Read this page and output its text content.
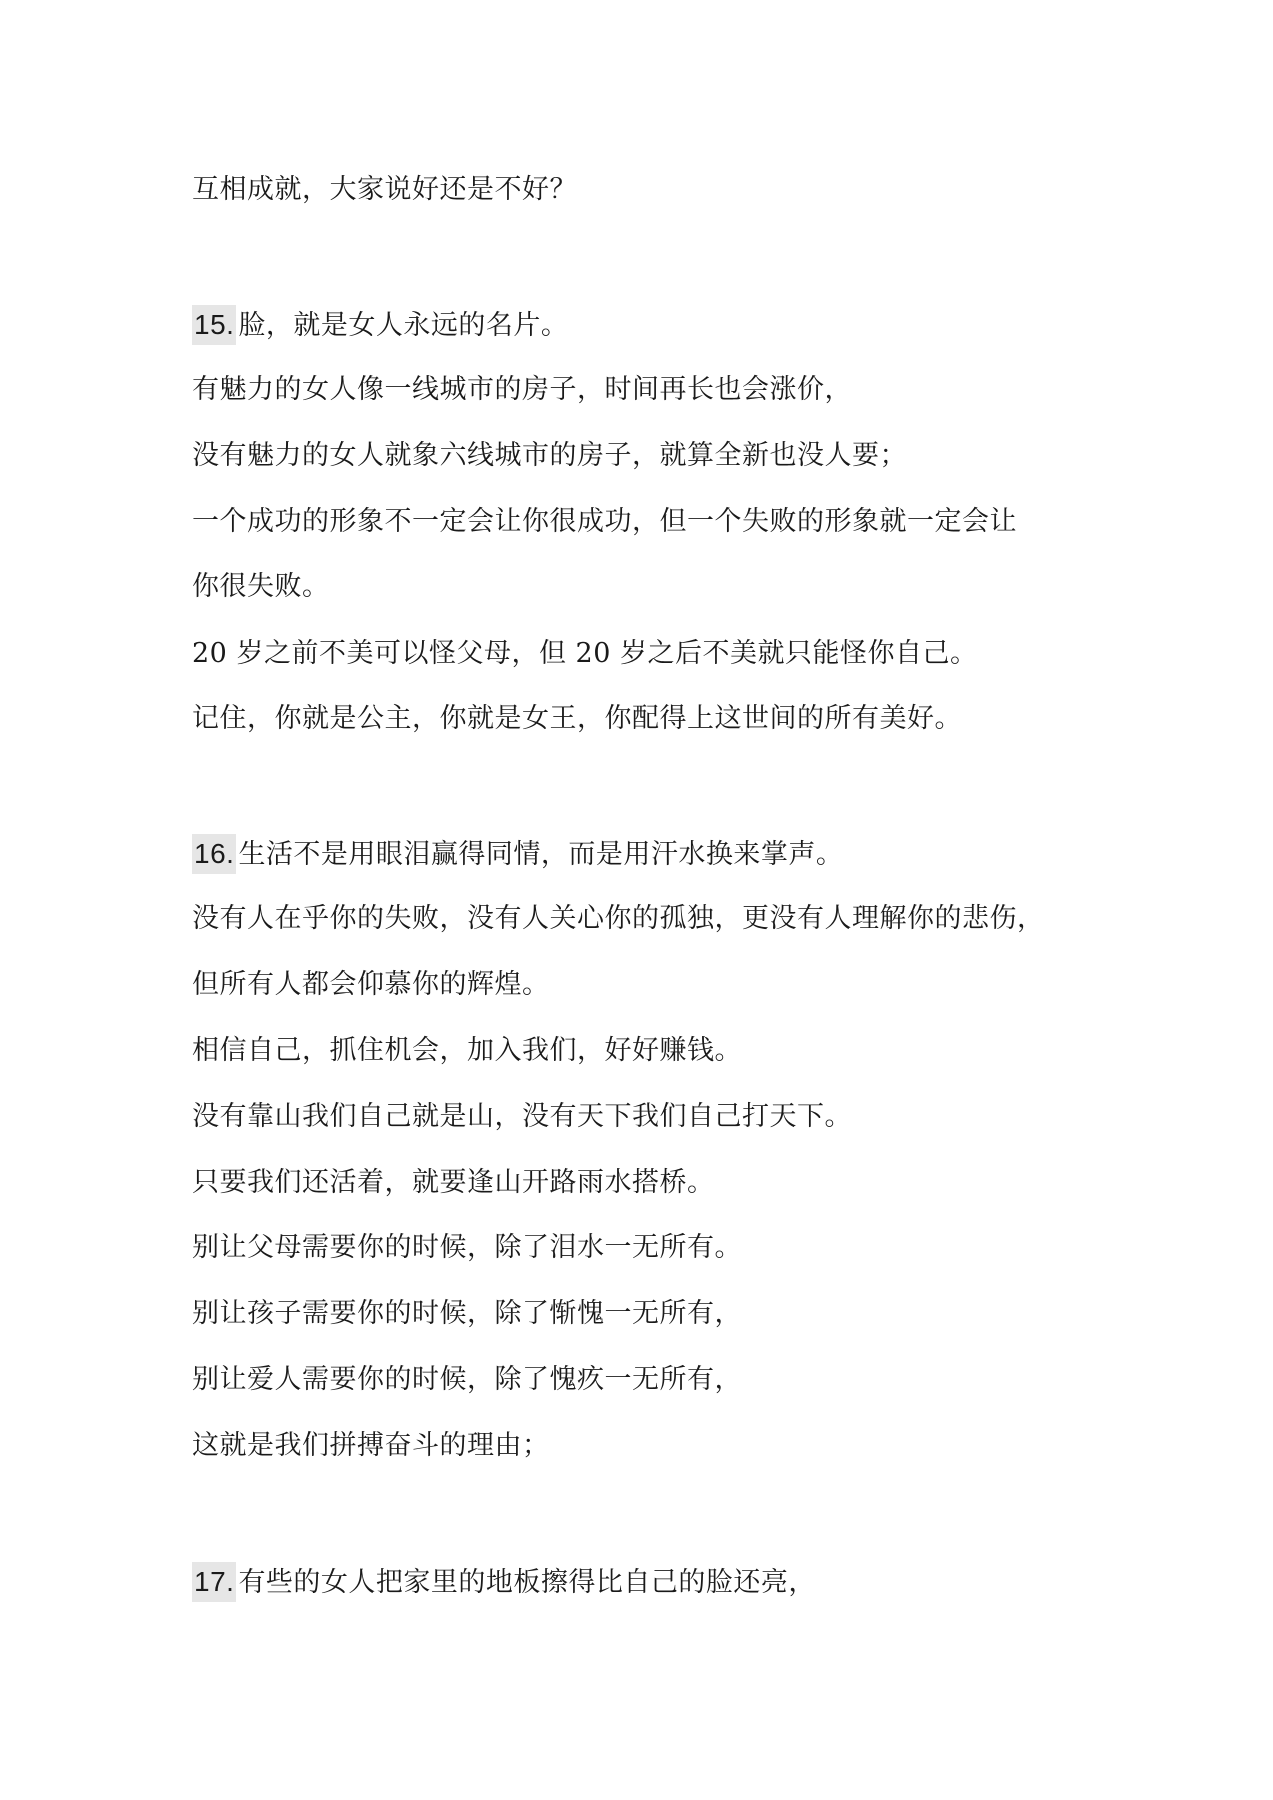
互相成就，大家说好还是不好？
15. 脸，就是女人永远的名片。
有魅力的女人像一线城市的房子，时间再长也会涨价，
没有魅力的女人就象六线城市的房子，就算全新也没人要；
一个成功的形象不一定会让你很成功，但一个失败的形象就一定会让
你很失败。
20 岁之前不美可以怪父母，但 20 岁之后不美就只能怪你自己。
记住，你就是公主，你就是女王，你配得上这世间的所有美好。
16. 生活不是用眼泪赢得同情，而是用汗水换来掌声。
没有人在乎你的失败，没有人关心你的孤独，更没有人理解你的悲伤，
但所有人都会仰慕你的辉煌。
相信自己，抓住机会，加入我们，好好赚钱。
没有靠山我们自己就是山，没有天下我们自己打天下。
只要我们还活着，就要逢山开路雨水搭桥。
别让父母需要你的时候，除了泪水一无所有。
别让孩子需要你的时候，除了惭愧一无所有，
别让爱人需要你的时候，除了愧疚一无所有，
这就是我们拼搏奋斗的理由；
17. 有些的女人把家里的地板擦得比自己的脸还亮，
